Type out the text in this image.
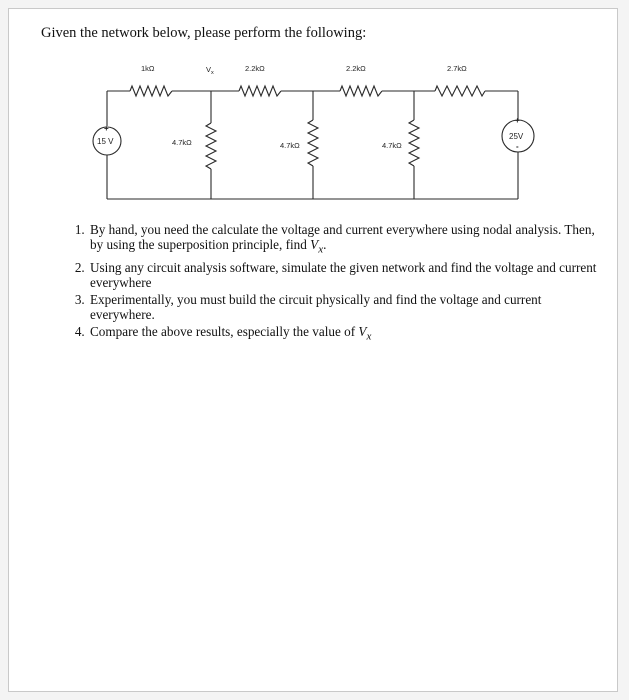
Given the network below, please perform the following:
1kΩ	2.2kΩ	2.2kΩ	2.7kΩ
4.7kΩ	4.7kΩ	4.7kΩ
$V_x$
+
15 V
+
25V
-
1. By hand, you need the calculate the voltage and current everywhere using nodal analysis. Then, by using the superposition principle, find $V_x$.
2. Using any circuit analysis software, simulate the given network and find the voltage and current everywhere
3. Experimentally, you must build the circuit physically and find the voltage and current everywhere.
4. Compare the above results, especially the value of $V_x$
